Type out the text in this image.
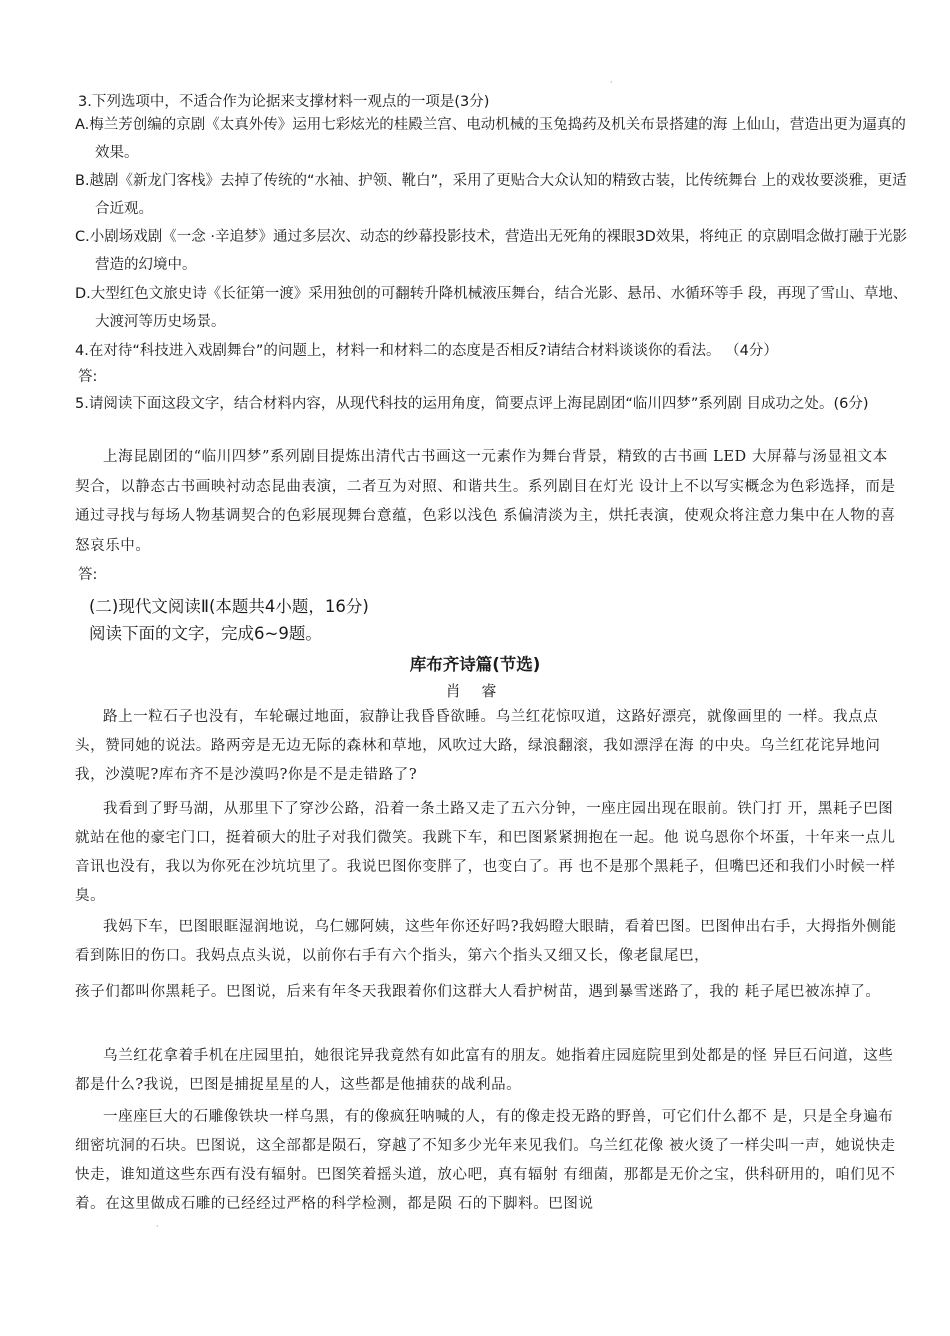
·
3.下列选项中，不适合作为论据来支撑材料一观点的一项是(3分)
A.梅兰芳创编的京剧《太真外传》运用七彩炫光的桂殿兰宫、电动机械的玉兔捣药及机关布景搭建的海 上仙山，营造出更为逼真的效果。
B.越剧《新龙门客栈》去掉了传统的“水袖、护领、靴白”，采用了更贴合大众认知的精致古装，比传统舞台 上的戏妆要淡雅，更适合近观。
C.小剧场戏剧《一念 ·辛追梦》通过多层次、动态的纱幕投影技术，营造出无死角的裸眼3D效果，将纯正 的京剧唱念做打融于光影营造的幻境中。
D.大型红色文旅史诗《长征第一渡》采用独创的可翻转升降机械液压舞台，结合光影、悬吊、水循环等手 段，再现了雪山、草地、大渡河等历史场景。
4.在对待“科技进入戏剧舞台”的问题上，材料一和材料二的态度是否相反?请结合材料谈谈你的看法。 （4分）
答:
5.请阅读下面这段文字，结合材料内容，从现代科技的运用角度，简要点评上海昆剧团“临川四梦”系列剧 目成功之处。(6分)
上海昆剧团的“临川四梦”系列剧目提炼出清代古书画这一元素作为舞台背景，精致的古书画 LED 大屏幕与汤显祖文本契合，以静态古书画映衬动态昆曲表演，二者互为对照、和谐共生。系列剧目在灯光 设计上不以写实概念为色彩选择，而是通过寻找与每场人物基调契合的色彩展现舞台意蕴，色彩以浅色 系偏清淡为主，烘托表演，使观众将注意力集中在人物的喜怒哀乐中。
答:
(二)现代文阅读Ⅱ(本题共4小题，16分)
阅读下面的文字，完成6~9题。
库布齐诗篇(节选)
肖 睿
路上一粒石子也没有，车轮碾过地面，寂静让我昏昏欲睡。乌兰红花惊叹道，这路好漂亮，就像画里的 一样。我点点头，赞同她的说法。路两旁是无边无际的森林和草地，风吹过大路，绿浪翻滚，我如漂浮在海 的中央。乌兰红花诧异地问我，沙漠呢?库布齐不是沙漠吗?你是不是走错路了?
我看到了野马湖，从那里下了穿沙公路，沿着一条土路又走了五六分钟，一座庄园出现在眼前。铁门打 开，黑耗子巴图就站在他的豪宅门口，挺着硕大的肚子对我们微笑。我跳下车，和巴图紧紧拥抱在一起。他 说乌恩你个坏蛋，十年来一点儿音讯也没有，我以为你死在沙坑坑里了。我说巴图你变胖了，也变白了。再 也不是那个黑耗子，但嘴巴还和我们小时候一样臭。
我妈下车，巴图眼眶湿润地说，乌仁娜阿姨，这些年你还好吗?我妈瞪大眼睛，看着巴图。巴图伸出右手，大拇指外侧能看到陈旧的伤口。我妈点点头说，以前你右手有六个指头，第六个指头又细又长，像老鼠尾巴，
孩子们都叫你黑耗子。巴图说，后来有年冬天我跟着你们这群大人看护树苗，遇到暴雪迷路了，我的 耗子尾巴被冻掉了。
乌兰红花拿着手机在庄园里拍，她很诧异我竟然有如此富有的朋友。她指着庄园庭院里到处都是的怪 异巨石问道，这些都是什么?我说，巴图是捕捉星星的人，这些都是他捕获的战利品。
一座座巨大的石雕像铁块一样乌黑，有的像疯狂呐喊的人，有的像走投无路的野兽，可它们什么都不 是，只是全身遍布细密坑洞的石块。巴图说，这全部都是陨石，穿越了不知多少光年来见我们。乌兰红花像 被火烫了一样尖叫一声，她说快走快走，谁知道这些东西有没有辐射。巴图笑着摇头道，放心吧，真有辐射 有细菌，那都是无价之宝，供科研用的，咱们见不着。在这里做成石雕的已经经过严格的科学检测，都是陨 石的下脚料。巴图说
·
